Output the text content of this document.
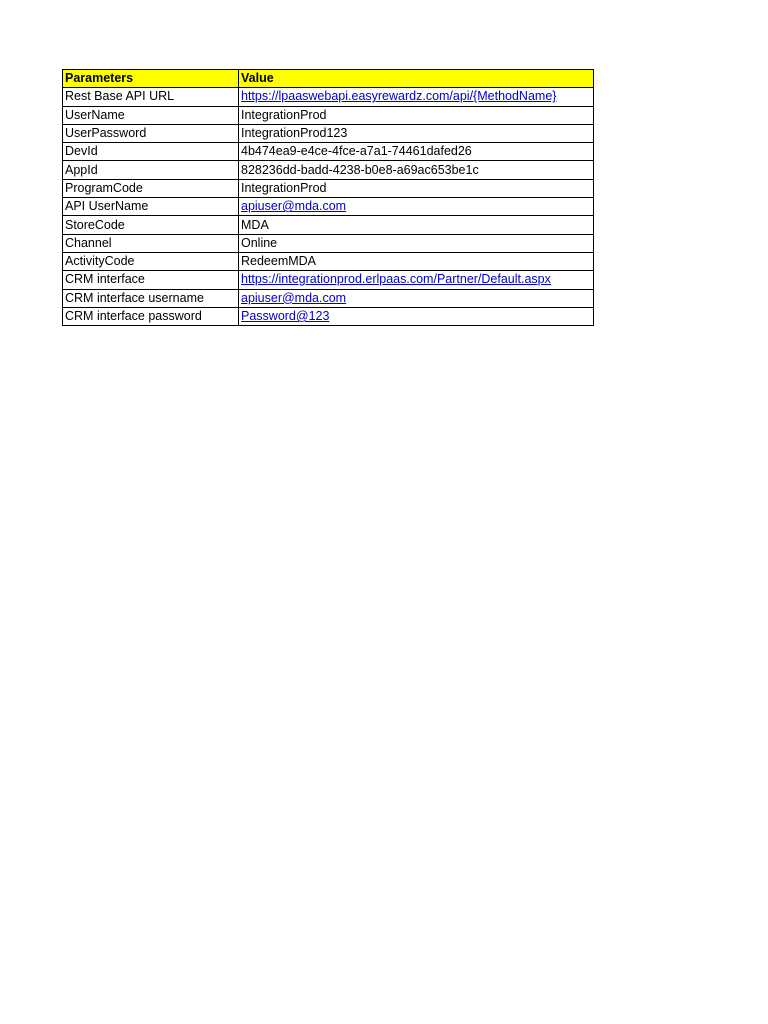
Parameters	Value
Rest Base API URL	https://lpaaswebapi.easyrewardz.com/api/{MethodName}
UserName	IntegrationProd
UserPassword	IntegrationProd123
DevId	4b474ea9-e4ce-4fce-a7a1-74461dafed26
AppId	828236dd-badd-4238-b0e8-a69ac653be1c
ProgramCode	IntegrationProd
API UserName	apiuser@mda.com
StoreCode	MDA
Channel	Online
ActivityCode	RedeemMDA
CRM interface	https://integrationprod.erlpaas.com/Partner/Default.aspx
CRM interface username	apiuser@mda.com
CRM interface password	Password@123
